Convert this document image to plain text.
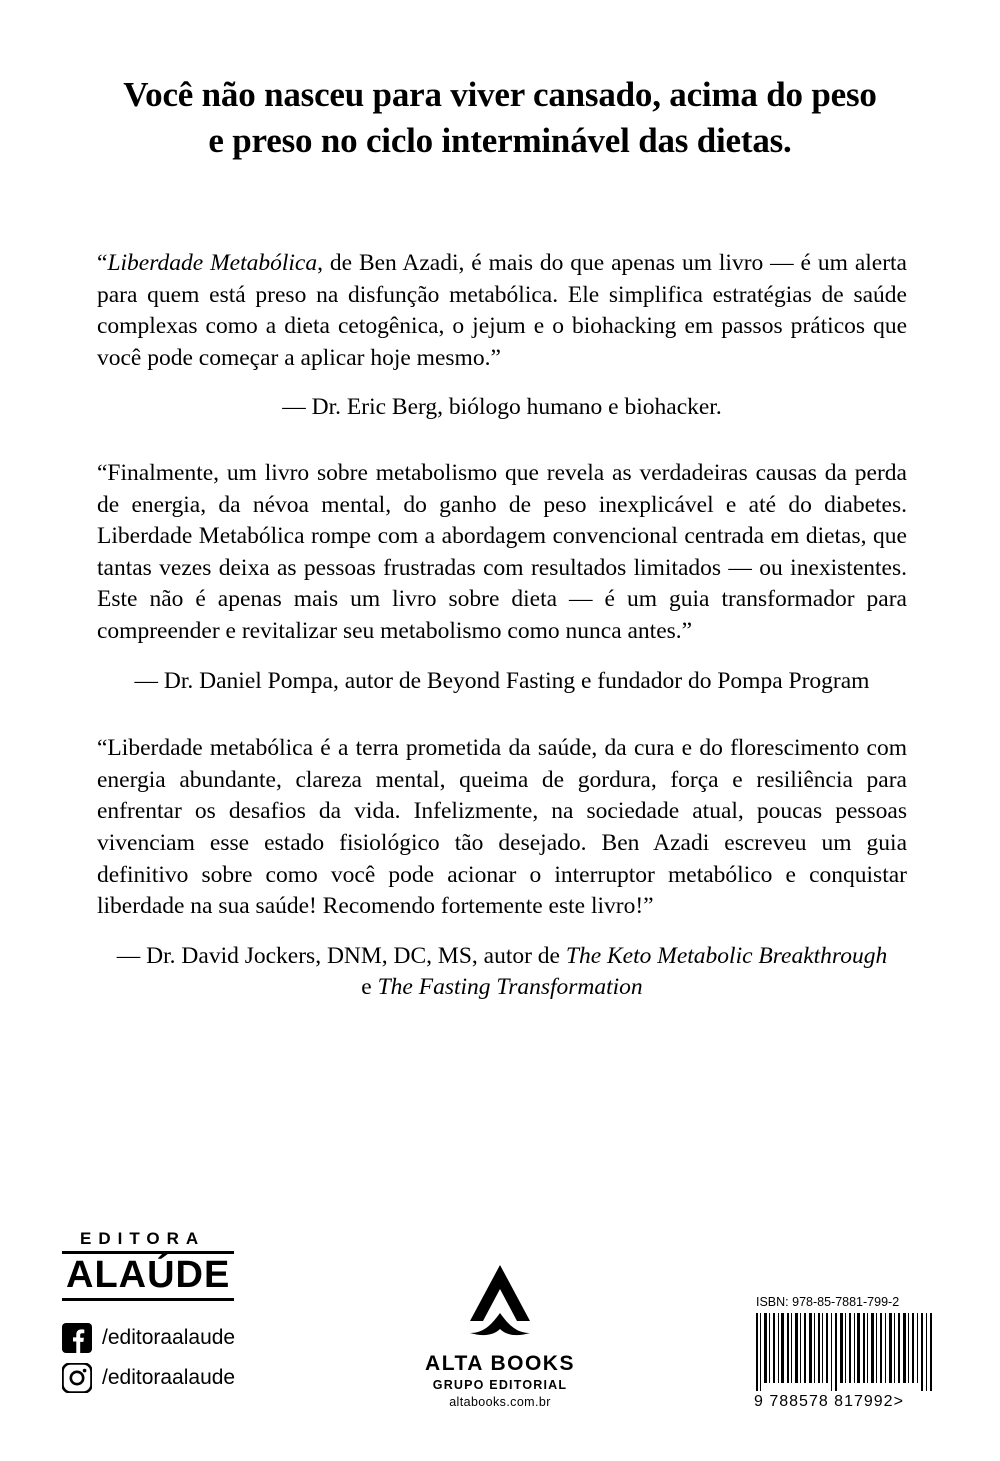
Você não nasceu para viver cansado, acima do peso
e preso no ciclo interminável das dietas.

“Liberdade Metabólica, de Ben Azadi, é mais do que apenas um livro — é um alerta para quem está preso na disfunção metabólica. Ele simplifica estratégias de saúde complexas como a dieta cetogênica, o jejum e o biohacking em passos práticos que você pode começar a aplicar hoje mesmo.”

— Dr. Eric Berg, biólogo humano e biohacker.

“Finalmente, um livro sobre metabolismo que revela as verdadeiras causas da perda de energia, da névoa mental, do ganho de peso inexplicável e até do diabetes. Liberdade Metabólica rompe com a abordagem convencional centrada em dietas, que tantas vezes deixa as pessoas frustradas com resultados limitados — ou inexistentes. Este não é apenas mais um livro sobre dieta — é um guia transformador para compreender e revitalizar seu metabolismo como nunca antes.”

— Dr. Daniel Pompa, autor de Beyond Fasting e fundador do Pompa Program

“Liberdade metabólica é a terra prometida da saúde, da cura e do florescimento com energia abundante, clareza mental, queima de gordura, força e resiliência para enfrentar os desafios da vida. Infelizmente, na sociedade atual, poucas pessoas vivenciam esse estado fisiológico tão desejado. Ben Azadi escreveu um guia definitivo sobre como você pode acionar o interruptor metabólico e conquistar liberdade na sua saúde! Recomendo fortemente este livro!”

— Dr. David Jockers, DNM, DC, MS, autor de The Keto Metabolic Breakthrough
e The Fasting Transformation

EDITORA
ALAÚDE
/editoraalaude
/editoraalaude
ALTA BOOKS
GRUPO EDITORIAL
altabooks.com.br
ISBN: 978-85-7881-799-2
9 788578 817992>
